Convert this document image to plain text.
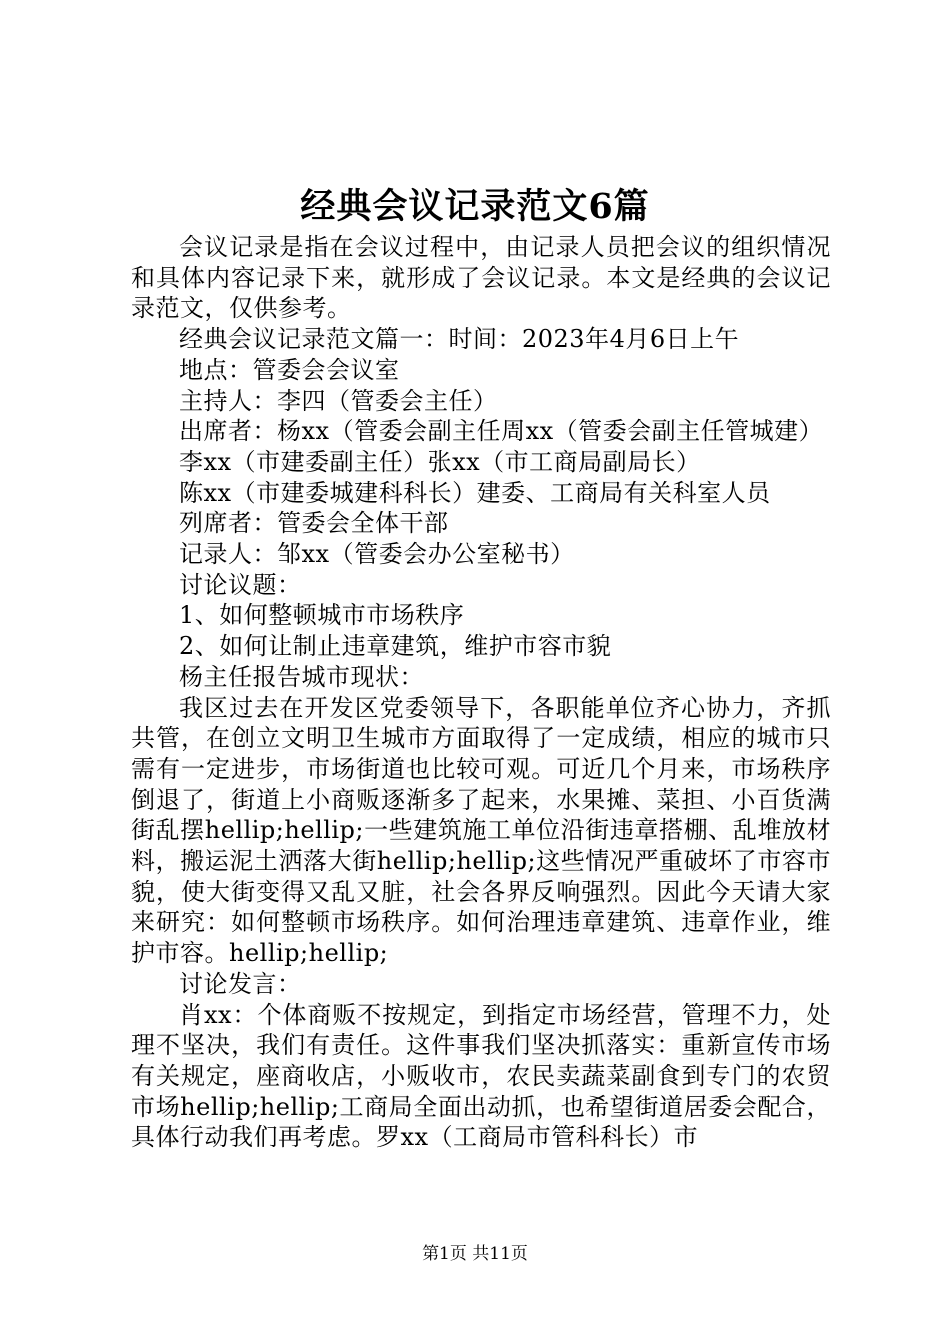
经典会议记录范文6篇

会议记录是指在会议过程中，由记录人员把会议的组织情况和具体内容记录下来，就形成了会议记录。本文是经典的会议记录范文，仅供参考。

经典会议记录范文篇一：时间：2023年4月6日上午

地点：管委会会议室

主持人：李四（管委会主任）

出席者：杨xx（管委会副主任周xx（管委会副主任管城建）

李xx（市建委副主任）张xx（市工商局副局长）

陈xx（市建委城建科科长）建委、工商局有关科室人员

列席者：管委会全体干部

记录人：邹xx（管委会办公室秘书）

讨论议题：

1、如何整顿城市市场秩序

2、如何让制止违章建筑，维护市容市貌

杨主任报告城市现状：

我区过去在开发区党委领导下，各职能单位齐心协力，齐抓共管，在创立文明卫生城市方面取得了一定成绩，相应的城市只需有一定进步，市场街道也比较可观。可近几个月来，市场秩序倒退了，街道上小商贩逐渐多了起来，水果摊、菜担、小百货满街乱摆hellip;hellip;一些建筑施工单位沿街违章搭棚、乱堆放材料，搬运泥土洒落大街hellip;hellip;这些情况严重破坏了市容市貌，使大街变得又乱又脏，社会各界反响强烈。因此今天请大家来研究：如何整顿市场秩序。如何治理违章建筑、违章作业，维护市容。hellip;hellip;

讨论发言：

肖xx：个体商贩不按规定，到指定市场经营，管理不力，处理不坚决，我们有责任。这件事我们坚决抓落实：重新宣传市场有关规定，座商收店，小贩收市，农民卖蔬菜副食到专门的农贸市场hellip;hellip;工商局全面出动抓，也希望街道居委会配合，具体行动我们再考虑。罗xx（工商局市管科科长）市

第1页 共11页
